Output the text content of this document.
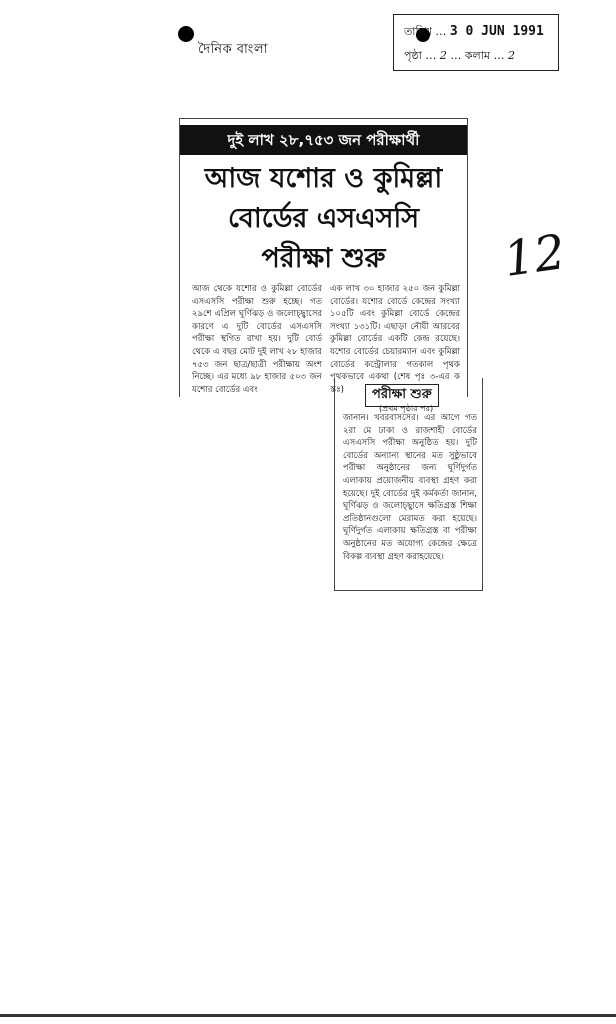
দৈনিক বাংলা
তারিখ … 3 0 JUN 1991
পৃষ্ঠা … 2 … কলাম … 2
দুই লাখ ২৮,৭৫৩ জন পরীক্ষার্থী
আজ যশোর ও কুমিল্লা
বোর্ডের এসএসসি
পরীক্ষা শুরু
আজ থেকে যশোর ও কুমিল্লা বোর্ডের এসএসসি পরীক্ষা শুরু হচ্ছে। গত ২৯শে এপ্রিল ঘূর্ণিঝড় ও জলোচ্ছ্বাসের কারণে এ দুটি বোর্ডের এসএসসি পরীক্ষা স্থগিত রাখা হয়। দুটি বোর্ড থেকে এ বছর মোট দুই লাখ ২৮ হাজার ৭৫৩ জন ছাত্র/ছাত্রী পরীক্ষায় অংশ নিচ্ছে। এর মধ্যে ৯৮ হাজার ৫০৩ জন যশোর বোর্ডের এবং
এক লাখ ৩০ হাজার ২৫০ জন কুমিল্লা বোর্ডের। যশোর বোর্ডে কেন্দ্রের সংখ্যা ১০৫টি এবং কুমিল্লা বোর্ডে কেন্দ্রের সংখ্যা ১৩১টি। এছাড়া নৌযী আরবের কুমিল্লা বোর্ডের একটি কেন্দ্র রয়েছে। যশোর বোর্ডের চেয়ারম্যান এবং কুমিল্লা বোর্ডের কন্ট্রোলার গতকাল পৃথক পৃথকভাবে একথা (শেষ পৃঃ ৩-এর ক স্তঃ)	পরীক্ষা শুরু
(প্রথম পৃষ্ঠার পর)
জানান। খবরবাসসের। এর আগে গত ২রা মে ঢাকা ও রাজশাহী বোর্ডের এসএসসি পরীক্ষা অনুষ্ঠিত হয়। দুটি বোর্ডের অন্যান্য স্থানের মত সুষ্ঠুভাবে পরীক্ষা অনুষ্ঠানের জন্য ঘূর্ণিদুর্গত এলাকায় প্রয়োজনীয় ব্যবস্থা গ্রহণ করা হয়েছে। দুই বোর্ডের দুই কর্মকর্তা জানান, ঘূর্ণিঝড় ও জলোচ্ছ্বাসে ক্ষতিগ্রস্ত শিক্ষা প্রতিষ্ঠানগুলো মেরামত করা হয়েছে। ঘূর্ণিদুর্গত এলাকায় ক্ষতিগ্রস্ত বা পরীক্ষা অনুষ্ঠানের মত অযোগ্য কেন্দ্রের ক্ষেত্রে বিকল্প ব্যবস্থা গ্রহণ করাহয়েছে।
12
